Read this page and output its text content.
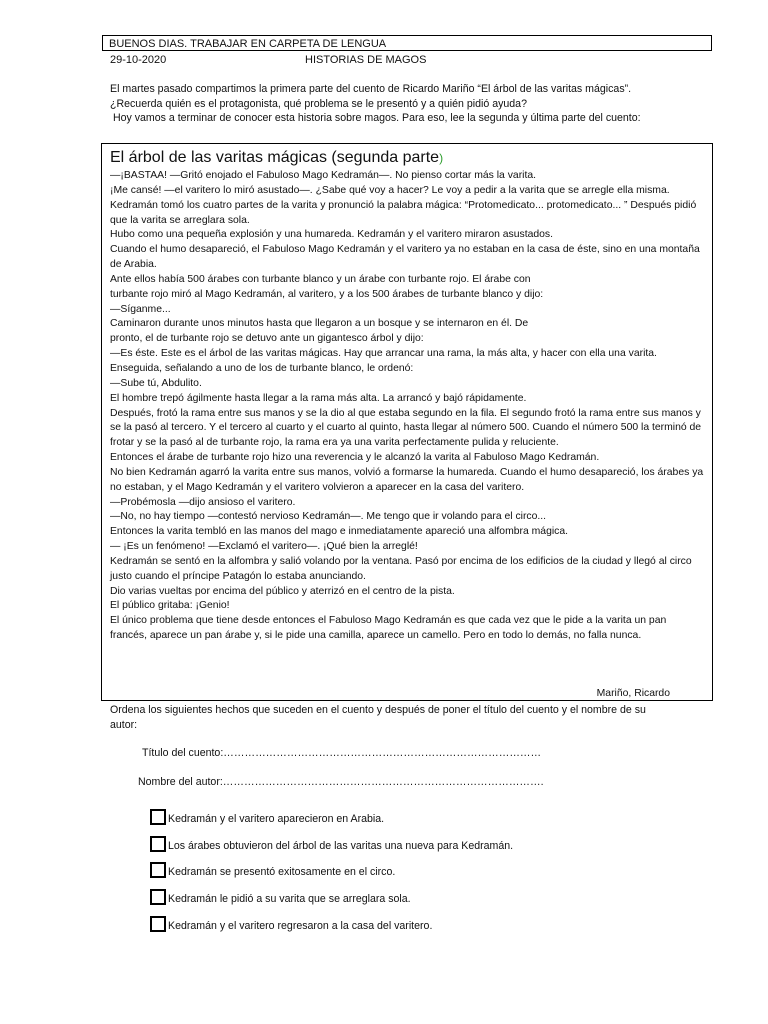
BUENOS DIAS. TRABAJAR EN CARPETA DE LENGUA
29-10-2020	HISTORIAS DE MAGOS

El martes pasado compartimos la primera parte del cuento de Ricardo Mariño “El árbol de las varitas mágicas”. ¿Recuerda quién es el protagonista, qué problema se le presentó y a quién pidió ayuda?

Hoy vamos a terminar de conocer esta historia sobre magos. Para eso, lee la segunda y última parte del cuento:

El árbol de las varitas mágicas (segunda parte)
—¡BASTAA! —Gritó enojado el Fabuloso Mago Kedramán—. No pienso cortar más la varita.
¡Me cansé! —el varitero lo miró asustado—. ¿Sabe qué voy a hacer? Le voy a pedir a la varita que se arregle ella misma. Kedramán tomó los cuatro partes de la varita y pronunció la palabra mágica: “Protomedicato... protomedicato... ” Después pidió que la varita se arreglara sola.
Hubo como una pequeña explosión y una humareda. Kedramán y el varitero miraron asustados.
Cuando el humo desapareció, el Fabuloso Mago Kedramán y el varitero ya no estaban en la casa de éste, sino en una montaña de Arabia.
Ante ellos había 500 árabes con turbante blanco y un árabe con turbante rojo. El árabe con
turbante rojo miró al Mago Kedramán, al varitero, y a los 500 árabes de turbante blanco y dijo:
—Síganme...
Caminaron durante unos minutos hasta que llegaron a un bosque y se internaron en él. De
pronto, el de turbante rojo se detuvo ante un gigantesco árbol y dijo:
—Es éste. Este es el árbol de las varitas mágicas. Hay que arrancar una rama, la más alta, y hacer con ella una varita. Enseguida, señalando a uno de los de turbante blanco, le ordenó:
—Sube tú, Abdulito.
El hombre trepó ágilmente hasta llegar a la rama más alta. La arrancó y bajó rápidamente.
Después, frotó la rama entre sus manos y se la dio al que estaba segundo en la fila. El segundo frotó la rama entre sus manos y se la pasó al tercero. Y el tercero al cuarto y el cuarto al quinto, hasta llegar al número 500. Cuando el número 500 la terminó de frotar y se la pasó al de turbante rojo, la rama era ya una varita perfectamente pulida y reluciente.
Entonces el árabe de turbante rojo hizo una reverencia y le alcanzó la varita al Fabuloso Mago Kedramán.
No bien Kedramán agarró la varita entre sus manos, volvió a formarse la humareda. Cuando el humo desapareció, los árabes ya no estaban, y el Mago Kedramán y el varitero volvieron a aparecer en la casa del varitero.
—Probémosla —dijo ansioso el varitero.
—No, no hay tiempo —contestó nervioso Kedramán—. Me tengo que ir volando para el circo...
Entonces la varita tembló en las manos del mago e inmediatamente apareció una alfombra mágica.
— ¡Es un fenómeno! —Exclamó el varitero—. ¡Qué bien la arreglé!
Kedramán se sentó en la alfombra y salió volando por la ventana. Pasó por encima de los edificios de la ciudad y llegó al circo justo cuando el príncipe Patagón lo estaba anunciando.
Dio varias vueltas por encima del público y aterrizó en el centro de la pista.
El público gritaba: ¡Genio!
El único problema que tiene desde entonces el Fabuloso Mago Kedramán es que cada vez que le pide a la varita un pan francés, aparece un pan árabe y, si le pide una camilla, aparece un camello. Pero en todo lo demás, no falla nunca.
Mariño, Ricardo
Ordena los siguientes hechos que suceden en el cuento y después de poner el título del cuento y el nombre de su autor:
Título del cuento:………………………………………………………………………………
Nombre del autor:……………………………………………………………………………….
Kedramán y el varitero aparecieron en Arabia.
Los árabes obtuvieron del árbol de las varitas una nueva para Kedramán.
Kedramán se presentó exitosamente en el circo.
Kedramán le pidió a su varita que se arreglara sola.
Kedramán y el varitero regresaron a la casa del varitero.
